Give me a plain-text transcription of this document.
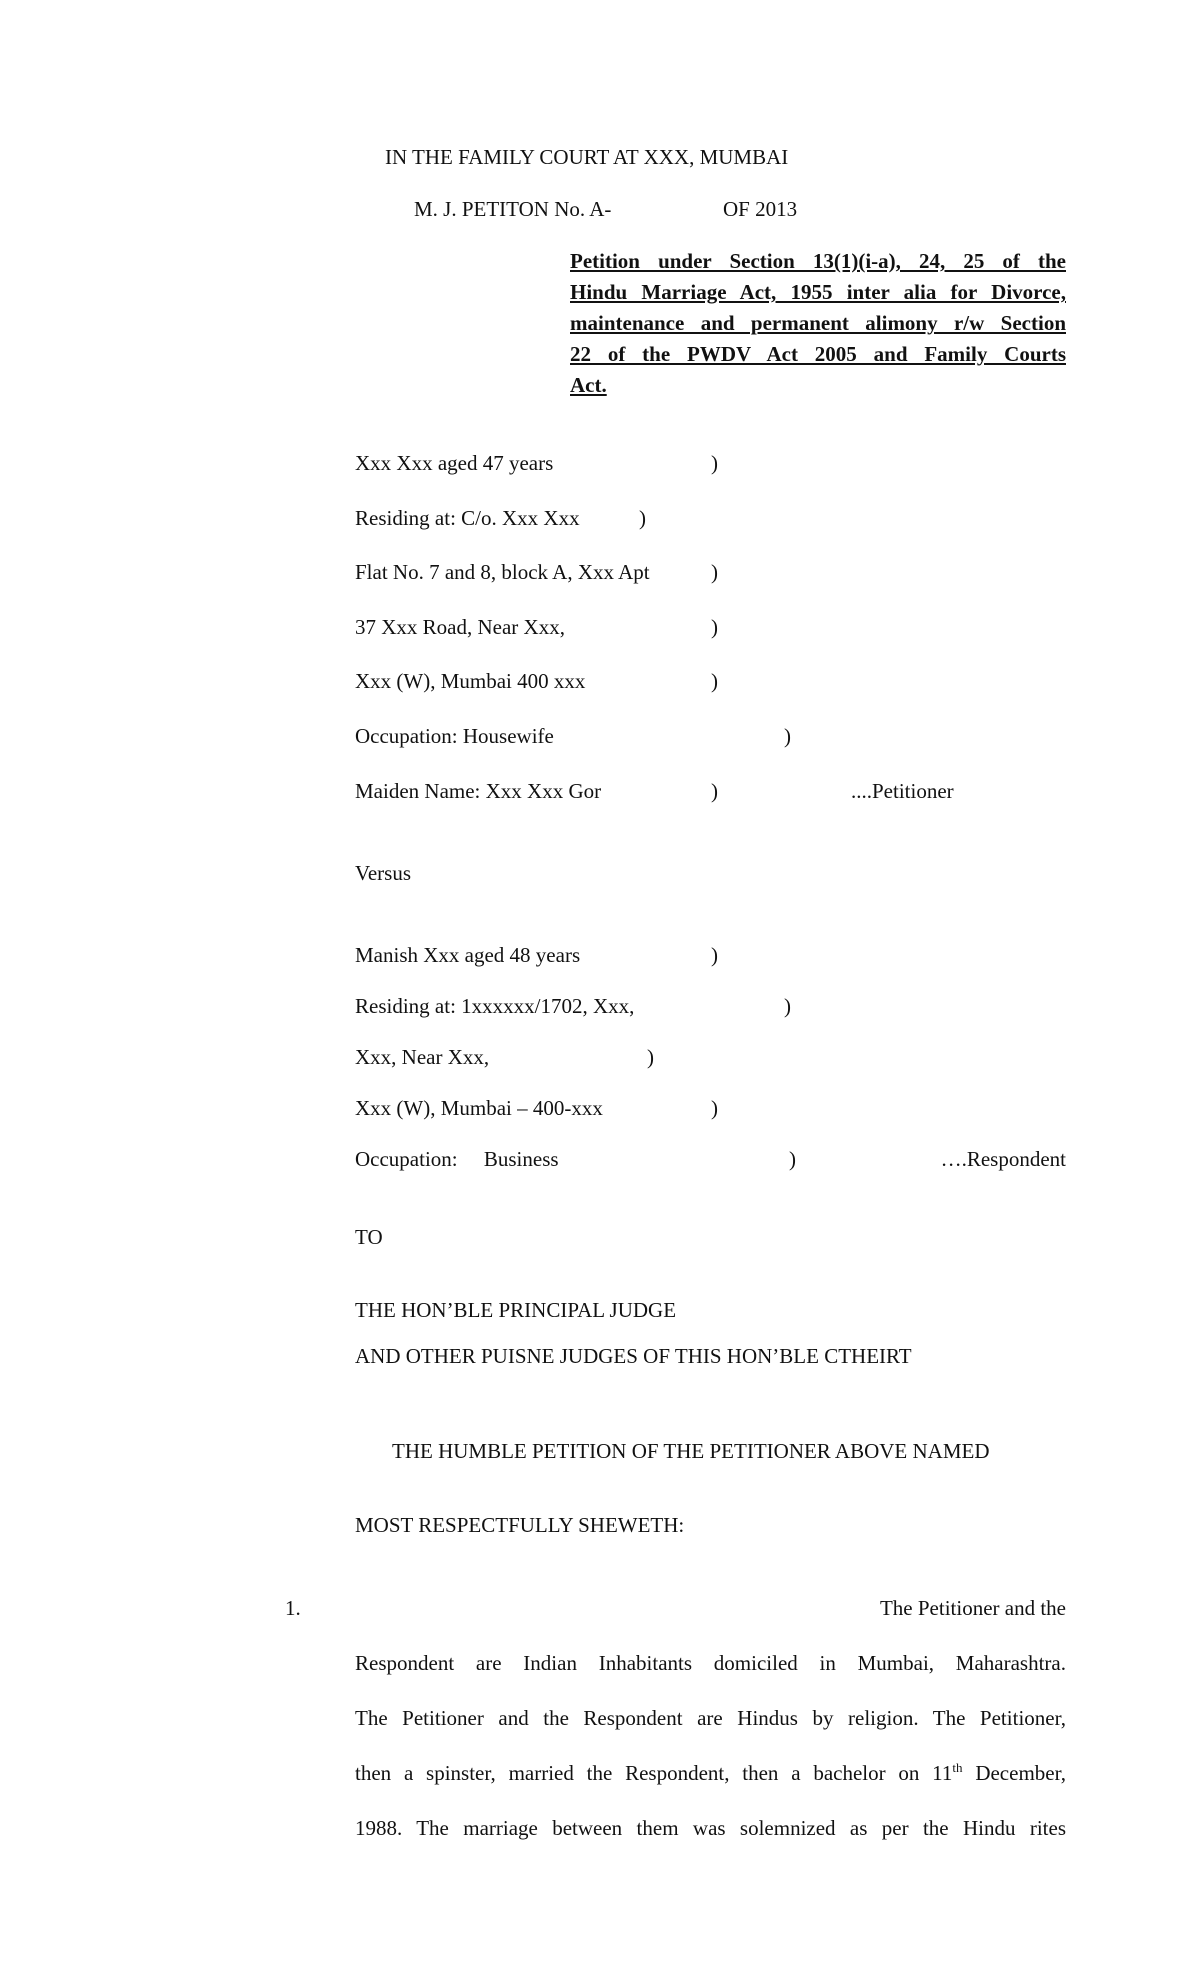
IN THE FAMILY COURT AT XXX, MUMBAI
M. J. PETITON No. A-	OF 2013
Petition under Section 13(1)(i-a), 24, 25 of the
Hindu Marriage Act, 1955 inter alia for Divorce,
maintenance and permanent alimony r/w Section
22 of the PWDV Act 2005 and Family Courts
Act.
Xxx Xxx aged 47 years	)
Residing at: C/o. Xxx Xxx	)
Flat No. 7 and 8, block A, Xxx Apt	)
37 Xxx Road, Near Xxx,	)
Xxx (W), Mumbai 400 xxx	)
Occupation: Housewife	)
Maiden Name: Xxx Xxx Gor	)	....Petitioner
Versus
Manish Xxx aged 48 years	)
Residing at: 1xxxxxx/1702, Xxx,	)
Xxx, Near Xxx,	)
Xxx (W), Mumbai – 400-xxx	)
Occupation:     Business	)	….Respondent
TO
THE HON’BLE PRINCIPAL JUDGE
AND OTHER PUISNE JUDGES OF THIS HON’BLE CTHEIRT
THE HUMBLE PETITION OF THE PETITIONER ABOVE NAMED
MOST RESPECTFULLY SHEWETH:
1.	The Petitioner and the
Respondent are Indian Inhabitants domiciled in Mumbai, Maharashtra.
The Petitioner and the Respondent are Hindus by religion. The Petitioner,
then a spinster, married the Respondent, then a bachelor on 11th December,
1988. The marriage between them was solemnized as per the Hindu rites
